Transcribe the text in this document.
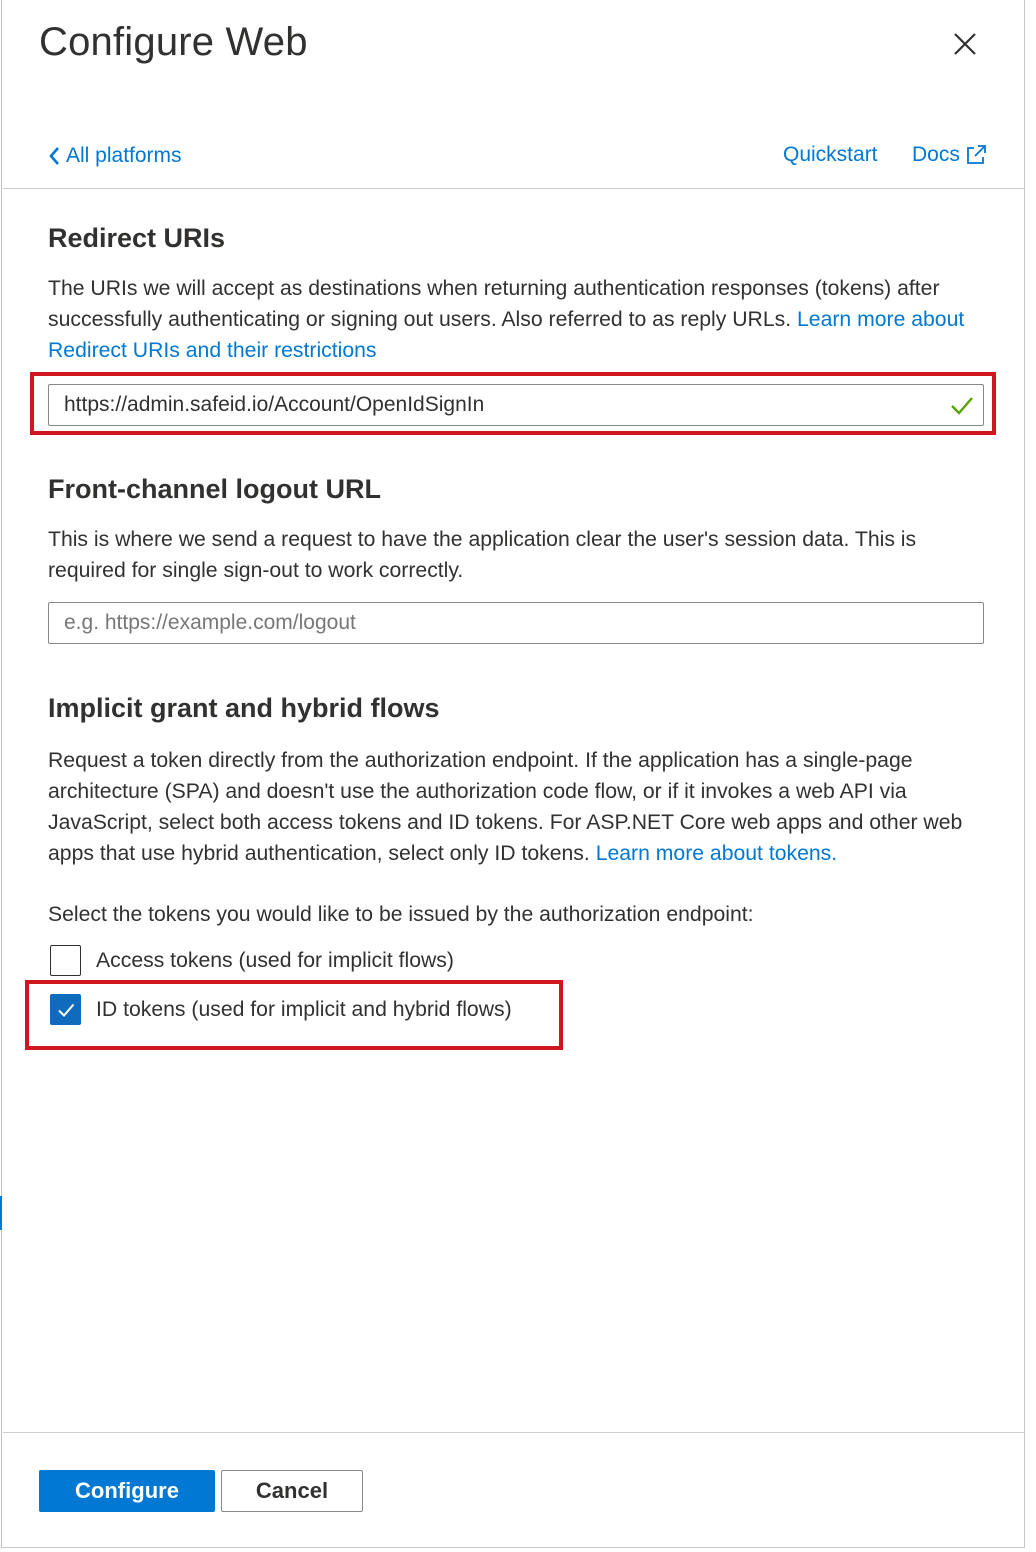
Configure Web
All platforms	Quickstart Docs
Redirect URIs

The URIs we will accept as destinations when returning authentication responses (tokens) after successfully authenticating or signing out users. Also referred to as reply URLs. Learn more about Redirect URIs and their restrictions

https://admin.safeid.io/Account/OpenIdSignIn
Front-channel logout URL

This is where we send a request to have the application clear the user's session data. This is required for single sign-out to work correctly.

e.g. https://example.com/logout
Implicit grant and hybrid flows

Request a token directly from the authorization endpoint. If the application has a single-page architecture (SPA) and doesn't use the authorization code flow, or if it invokes a web API via JavaScript, select both access tokens and ID tokens. For ASP.NET Core web apps and other web apps that use hybrid authentication, select only ID tokens. Learn more about tokens.

Select the tokens you would like to be issued by the authorization endpoint:

Access tokens (used for implicit flows)
ID tokens (used for implicit and hybrid flows)
Configure	Cancel
